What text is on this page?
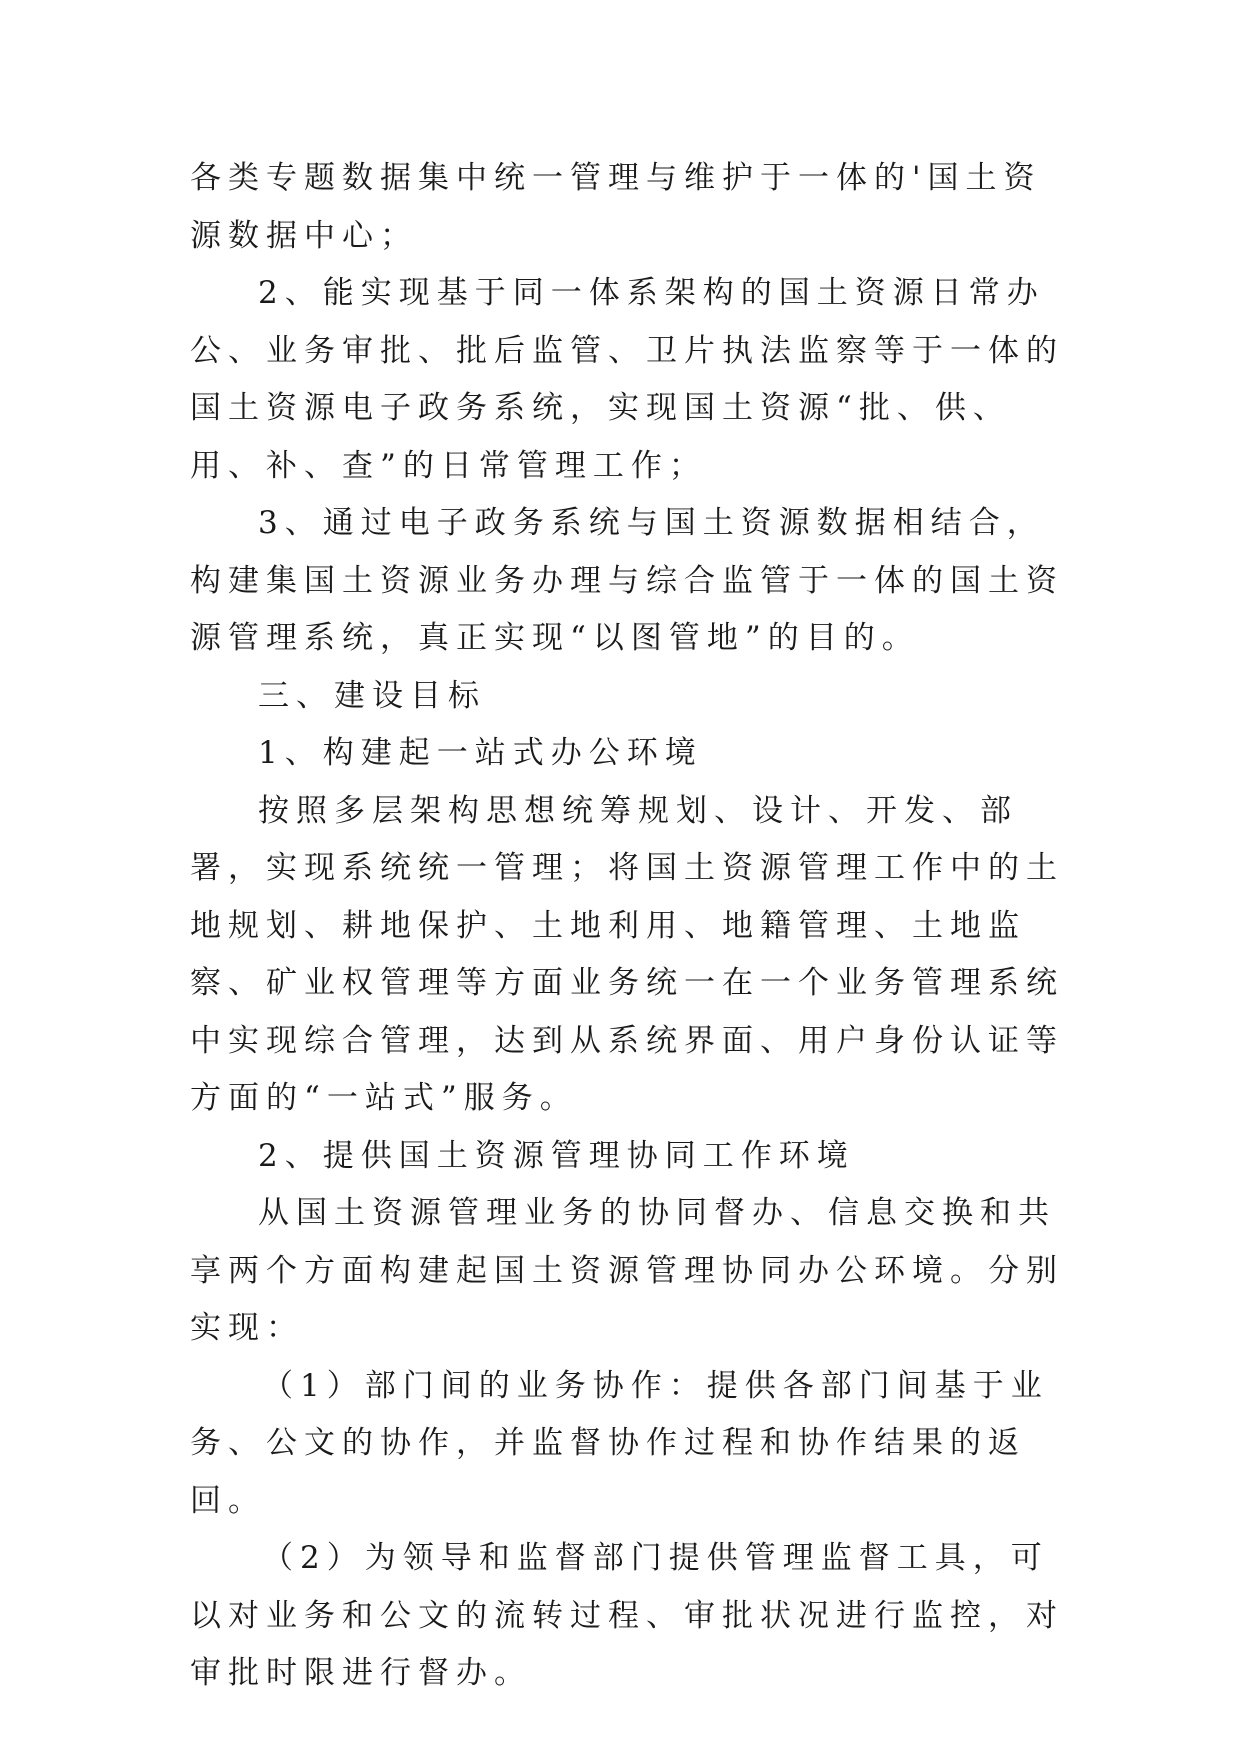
各类专题数据集中统一管理与维护于一体的'国土资源数据中心；

2、能实现基于同一体系架构的国土资源日常办公、业务审批、批后监管、卫片执法监察等于一体的国土资源电子政务系统，实现国土资源“批、供、用、补、查”的日常管理工作；

3、通过电子政务系统与国土资源数据相结合，构建集国土资源业务办理与综合监管于一体的国土资源管理系统，真正实现“以图管地”的目的。

三、建设目标

1、构建起一站式办公环境

按照多层架构思想统筹规划、设计、开发、部署，实现系统统一管理；将国土资源管理工作中的土地规划、耕地保护、土地利用、地籍管理、土地监察、矿业权管理等方面业务统一在一个业务管理系统中实现综合管理，达到从系统界面、用户身份认证等方面的“一站式”服务。

2、提供国土资源管理协同工作环境

从国土资源管理业务的协同督办、信息交换和共享两个方面构建起国土资源管理协同办公环境。分别实现：

（1）部门间的业务协作：提供各部门间基于业务、公文的协作，并监督协作过程和协作结果的返回。

（2）为领导和监督部门提供管理监督工具，可以对业务和公文的流转过程、审批状况进行监控，对审批时限进行督办。
